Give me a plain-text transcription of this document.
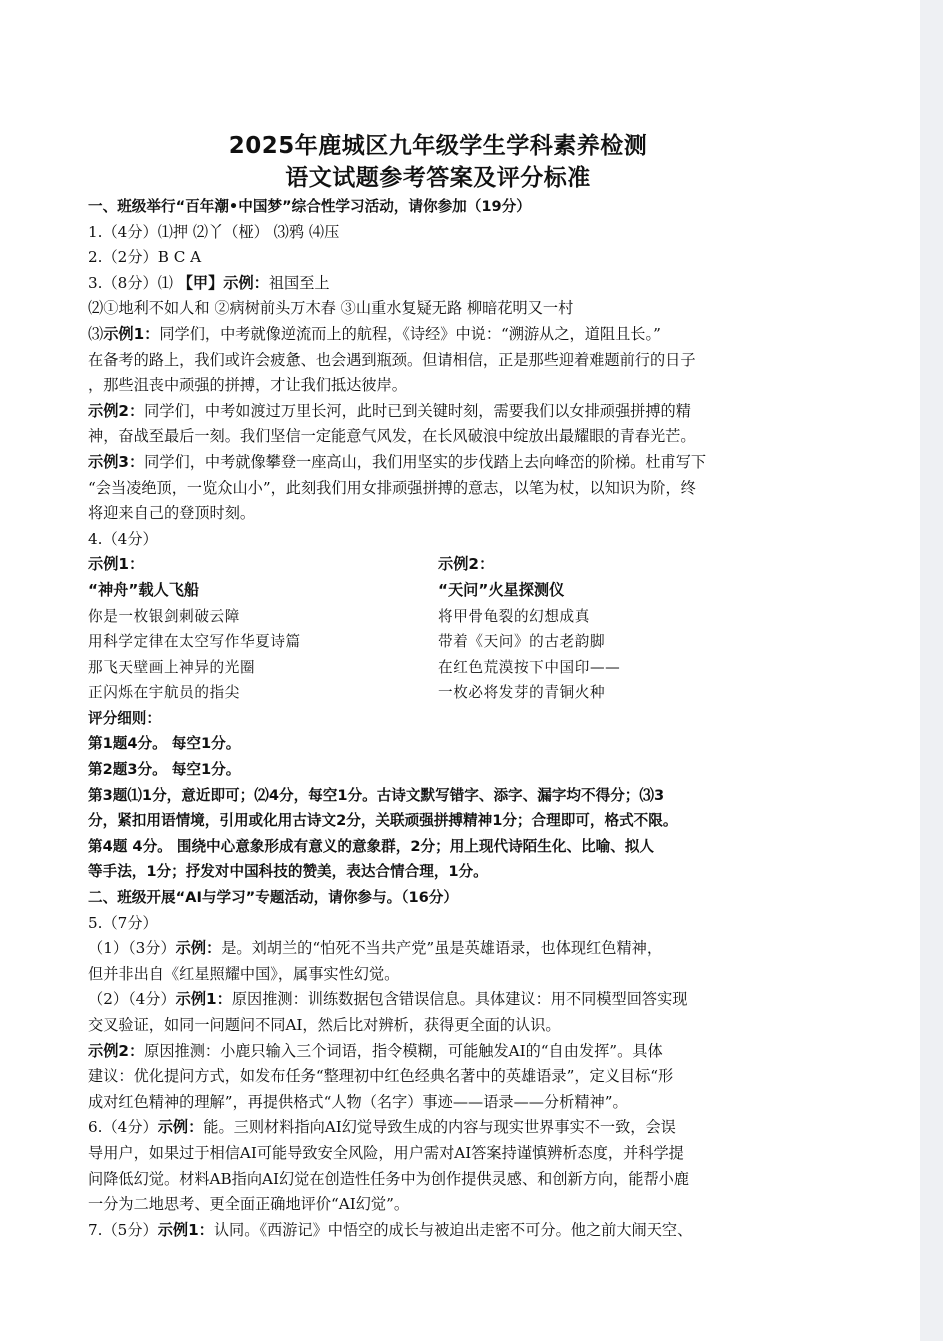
2025年鹿城区九年级学生学科素养检测
语文试题参考答案及评分标准
一、班级举行“百年潮•中国梦”综合性学习活动，请你参加（19分）
1.（4分）⑴押 ⑵丫（桠） ⑶鸦 ⑷压
2.（2分）B C A
3.（8分）⑴ 【甲】示例：祖国至上
⑵①地利不如人和 ②病树前头万木春 ③山重水复疑无路 柳暗花明又一村
⑶示例1：同学们，中考就像逆流而上的航程，《诗经》中说：“溯游从之，道阻且长。”
在备考的路上，我们或许会疲惫、也会遇到瓶颈。但请相信，正是那些迎着难题前行的日子
，那些沮丧中顽强的拼搏，才让我们抵达彼岸。
示例2：同学们，中考如渡过万里长河，此时已到关键时刻，需要我们以女排顽强拼搏的精
神，奋战至最后一刻。我们坚信一定能意气风发，在长风破浪中绽放出最耀眼的青春光芒。
示例3：同学们，中考就像攀登一座高山，我们用坚实的步伐踏上去向峰峦的阶梯。杜甫写下
“会当凌绝顶，一览众山小”，此刻我们用女排顽强拼搏的意志，以笔为杖，以知识为阶，终
将迎来自己的登顶时刻。
4.（4分）
示例1：
“神舟”载人飞船
你是一枚银剑刺破云障
用科学定律在太空写作华夏诗篇
那飞天壁画上神异的光圈
正闪烁在宇航员的指尖
示例2：
“天问”火星探测仪
将甲骨龟裂的幻想成真
带着《天问》的古老韵脚
在红色荒漠按下中国印——
一枚必将发芽的青铜火种
评分细则：
第1题4分。 每空1分。
第2题3分。 每空1分。
第3题⑴1分，意近即可；⑵4分，每空1分。古诗文默写错字、添字、漏字均不得分；⑶3
分，紧扣用语情境，引用或化用古诗文2分，关联顽强拼搏精神1分；合理即可，格式不限。
第4题 4分。 围绕中心意象形成有意义的意象群，2分；用上现代诗陌生化、比喻、拟人
等手法，1分；抒发对中国科技的赞美，表达合情合理，1分。
二、班级开展“AI与学习”专题活动，请你参与。（16分）
5.（7分）
（1）（3分）示例：是。刘胡兰的“怕死不当共产党”虽是英雄语录，也体现红色精神，
但并非出自《红星照耀中国》，属事实性幻觉。
（2）（4分）示例1：原因推测：训练数据包含错误信息。具体建议：用不同模型回答实现
交叉验证，如同一问题问不同AI，然后比对辨析，获得更全面的认识。
示例2：原因推测：小鹿只输入三个词语，指令模糊，可能触发AI的“自由发挥”。具体
建议：优化提问方式，如发布任务“整理初中红色经典名著中的英雄语录”，定义目标“形
成对红色精神的理解”，再提供格式“人物（名字）事迹——语录——分析精神”。
6.（4分）示例：能。三则材料指向AI幻觉导致生成的内容与现实世界事实不一致，会误
导用户，如果过于相信AI可能导致安全风险，用户需对AI答案持谨慎辨析态度，并科学提
问降低幻觉。材料AB指向AI幻觉在创造性任务中为创作提供灵感、和创新方向，能帮小鹿
一分为二地思考、更全面正确地评价“AI幻觉”。
7.（5分）示例1：认同。《西游记》中悟空的成长与被迫出走密不可分。他之前大闹天空、
